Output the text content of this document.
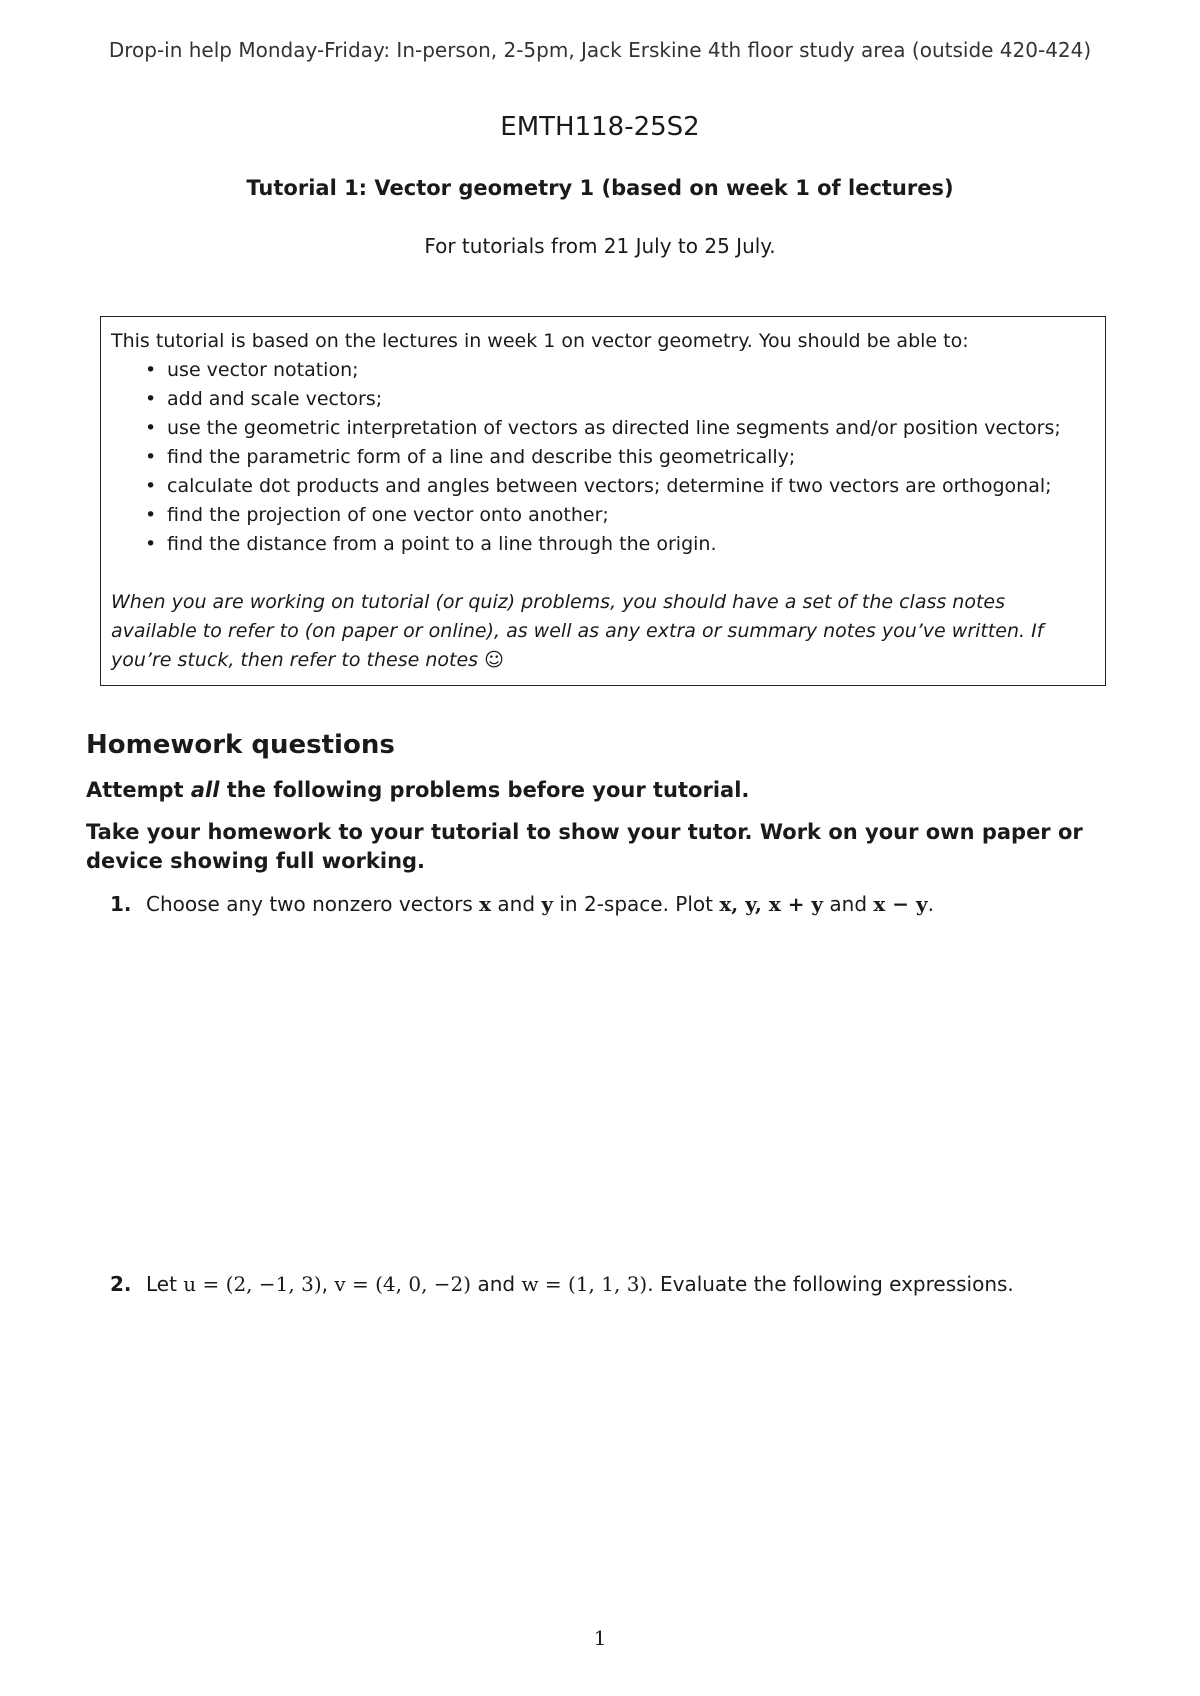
Drop-in help Monday-Friday: In-person, 2-5pm, Jack Erskine 4th floor study area (outside 420-424)
EMTH118-25S2
Tutorial 1: Vector geometry 1 (based on week 1 of lectures)
For tutorials from 21 July to 25 July.
This tutorial is based on the lectures in week 1 on vector geometry. You should be able to:
• use vector notation;
• add and scale vectors;
• use the geometric interpretation of vectors as directed line segments and/or position vectors;
• find the parametric form of a line and describe this geometrically;
• calculate dot products and angles between vectors; determine if two vectors are orthogonal;
• find the projection of one vector onto another;
• find the distance from a point to a line through the origin.
When you are working on tutorial (or quiz) problems, you should have a set of the class notes available to refer to (on paper or online), as well as any extra or summary notes you’ve written. If you’re stuck, then refer to these notes ☺
Homework questions
Attempt all the following problems before your tutorial.
Take your homework to your tutorial to show your tutor. Work on your own paper or device showing full working.
1. Choose any two nonzero vectors x and y in 2-space. Plot x, y, x + y and x − y.
2. Let u = (2, −1, 3), v = (4, 0, −2) and w = (1, 1, 3). Evaluate the following expressions.
1
